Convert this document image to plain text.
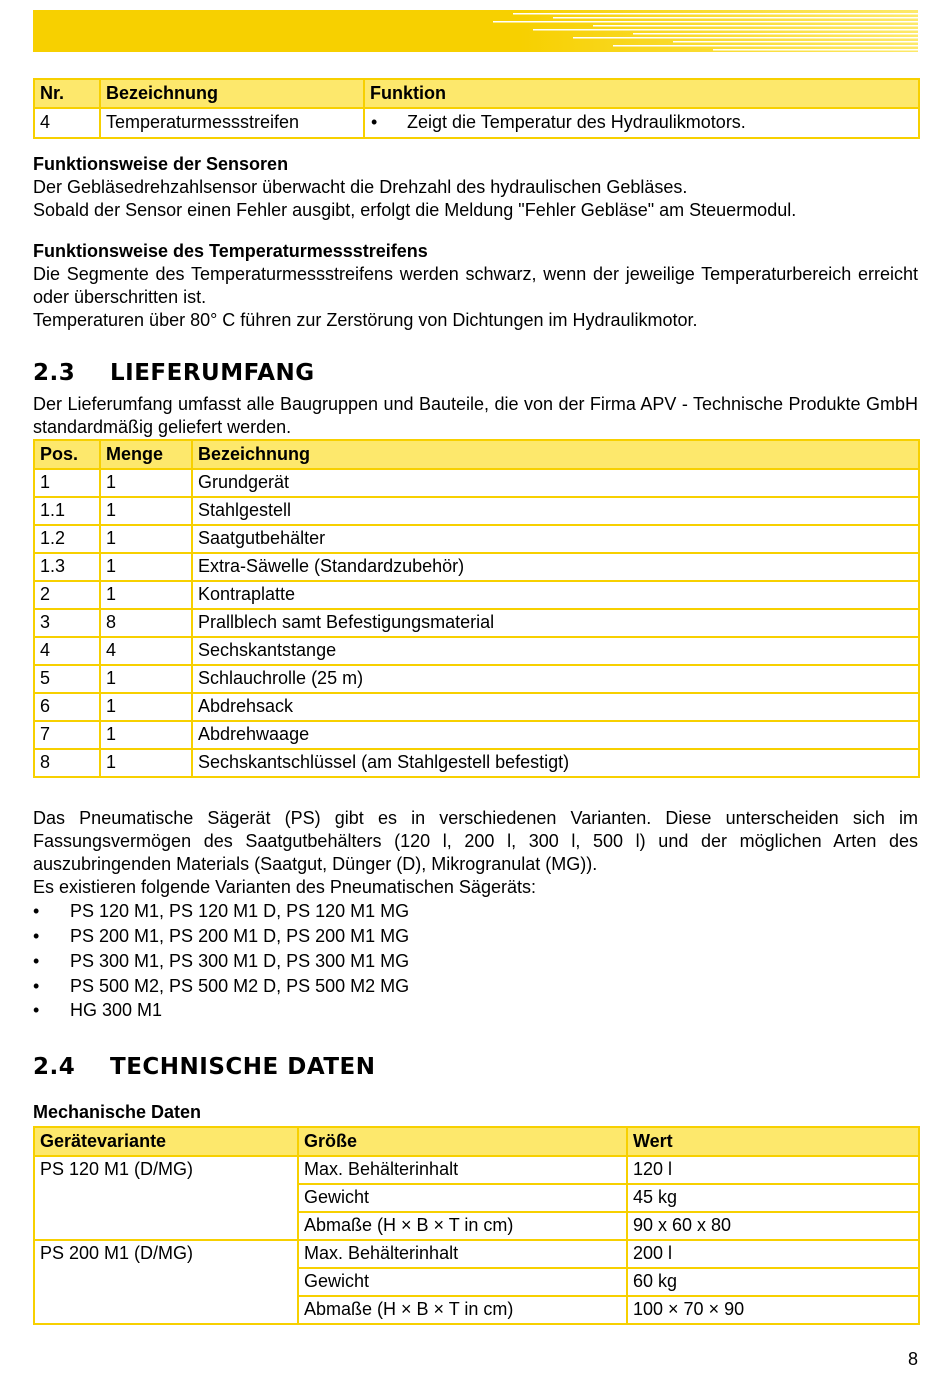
Nr.	Bezeichnung	Funktion
4	Temperaturmessstreifen	• Zeigt die Temperatur des Hydraulikmotors.

Funktionsweise der Sensoren

Der Gebläsedrehzahlsensor überwacht die Drehzahl des hydraulischen Gebläses.

Sobald der Sensor einen Fehler ausgibt, erfolgt die Meldung "Fehler Gebläse" am Steuermodul.

Funktionsweise des Temperaturmessstreifens

Die Segmente des Temperaturmessstreifens werden schwarz, wenn der jeweilige Temperaturbereich erreicht oder überschritten ist.

Temperaturen über 80° C führen zur Zerstörung von Dichtungen im Hydraulikmotor.

2.3 LIEFERUMFANG

Der Lieferumfang umfasst alle Baugruppen und Bauteile, die von der Firma APV - Technische Produkte GmbH standardmäßig geliefert werden.

Pos.	Menge	Bezeichnung
1	1	Grundgerät
1.1	1	Stahlgestell
1.2	1	Saatgutbehälter
1.3	1	Extra-Säwelle (Standardzubehör)
2	1	Kontraplatte
3	8	Prallblech samt Befestigungsmaterial
4	4	Sechskantstange
5	1	Schlauchrolle (25 m)
6	1	Abdrehsack
7	1	Abdrehwaage
8	1	Sechskantschlüssel (am Stahlgestell befestigt)

Das Pneumatische Sägerät (PS) gibt es in verschiedenen Varianten. Diese unterscheiden sich im Fassungsvermögen des Saatgutbehälters (120 l, 200 l, 300 l, 500 l) und der möglichen Arten des auszubringenden Materials (Saatgut, Dünger (D), Mikrogranulat (MG)).

Es existieren folgende Varianten des Pneumatischen Sägeräts:

• PS 120 M1, PS 120 M1 D, PS 120 M1 MG
• PS 200 M1, PS 200 M1 D, PS 200 M1 MG
• PS 300 M1, PS 300 M1 D, PS 300 M1 MG
• PS 500 M2, PS 500 M2 D, PS 500 M2 MG
• HG 300 M1
2.4 TECHNISCHE DATEN

Mechanische Daten

Gerätevariante	Größe	Wert
PS 120 M1 (D/MG)	Max. Behälterinhalt	120 l
	Gewicht	45 kg
	Abmaße (H × B × T in cm)	90 x 60 x 80
PS 200 M1 (D/MG)	Max. Behälterinhalt	200 l
	Gewicht	60 kg
	Abmaße (H × B × T in cm)	100 × 70 × 90
8
